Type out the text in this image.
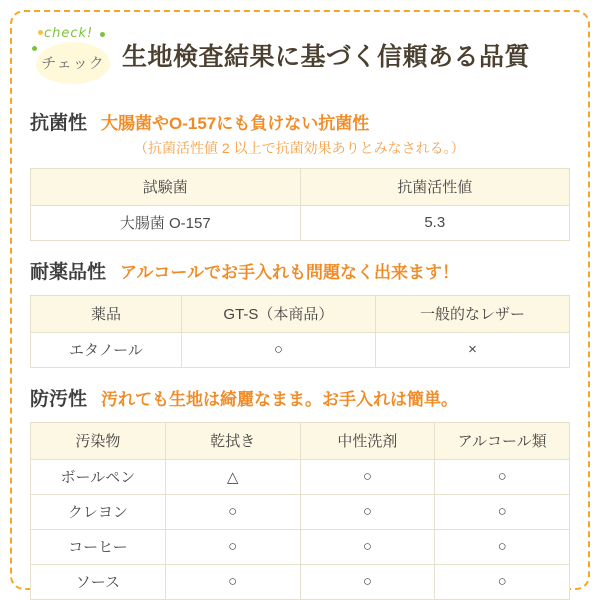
check!
チェック 生地検査結果に基づく信頼ある品質
抗菌性 大腸菌やO-157にも負けない抗菌性
（抗菌活性値 2 以上で抗菌効果ありとみなされる。）
試験菌	抗菌活性値
大腸菌 O-157	5.3
耐薬品性 アルコールでお手入れも問題なく出来ます！
薬品	GT-S（本商品）	一般的なレザー
エタノール	○	×
防汚性 汚れても生地は綺麗なまま。お手入れは簡単。
汚染物	乾拭き	中性洗剤	アルコール類
ボールペン	△	○	○
クレヨン	○	○	○
コーヒー	○	○	○
ソース	○	○	○
